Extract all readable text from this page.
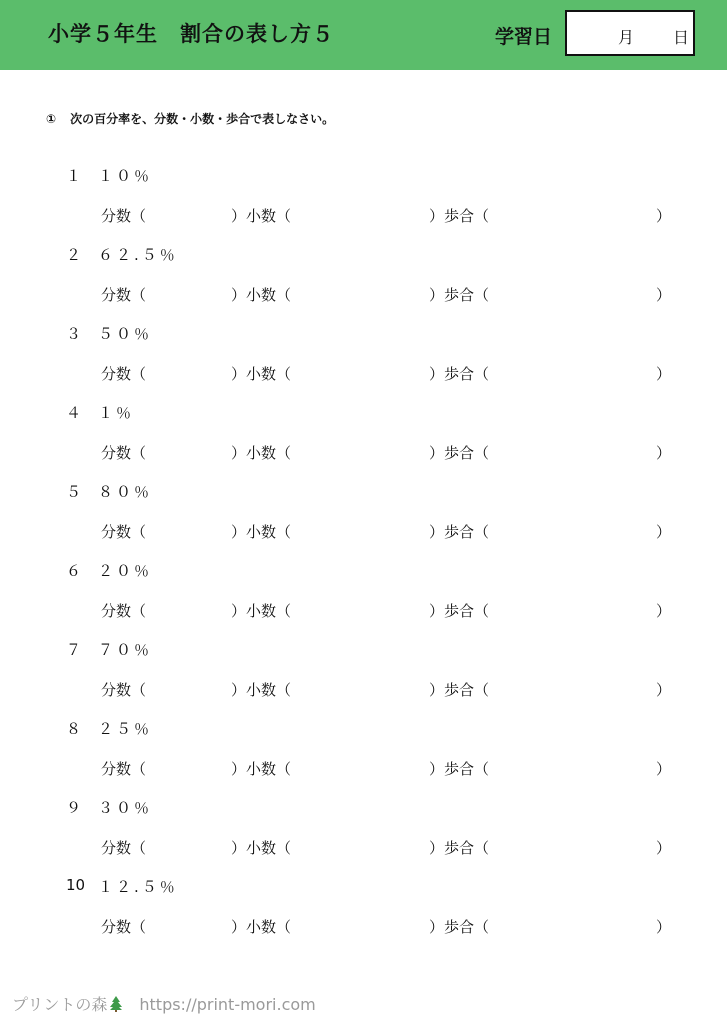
小学５年生　割合の表し方５	学習日	月 日
① 次の百分率を、分数・小数・歩合で表しなさい。
１ １０％
分数（	）小数（	）歩合（	）
２ ６２.５％
分数（	）小数（	）歩合（	）
３ ５０％
分数（	）小数（	）歩合（	）
４ １％
分数（	）小数（	）歩合（	）
５ ８０％
分数（	）小数（	）歩合（	）
６ ２０％
分数（	）小数（	）歩合（	）
７ ７０％
分数（	）小数（	）歩合（	）
８ ２５％
分数（	）小数（	）歩合（	）
９ ３０％
分数（	）小数（	）歩合（	）
10 １２.５％
分数（	）小数（	）歩合（	）
プリントの森 https://print-mori.com
